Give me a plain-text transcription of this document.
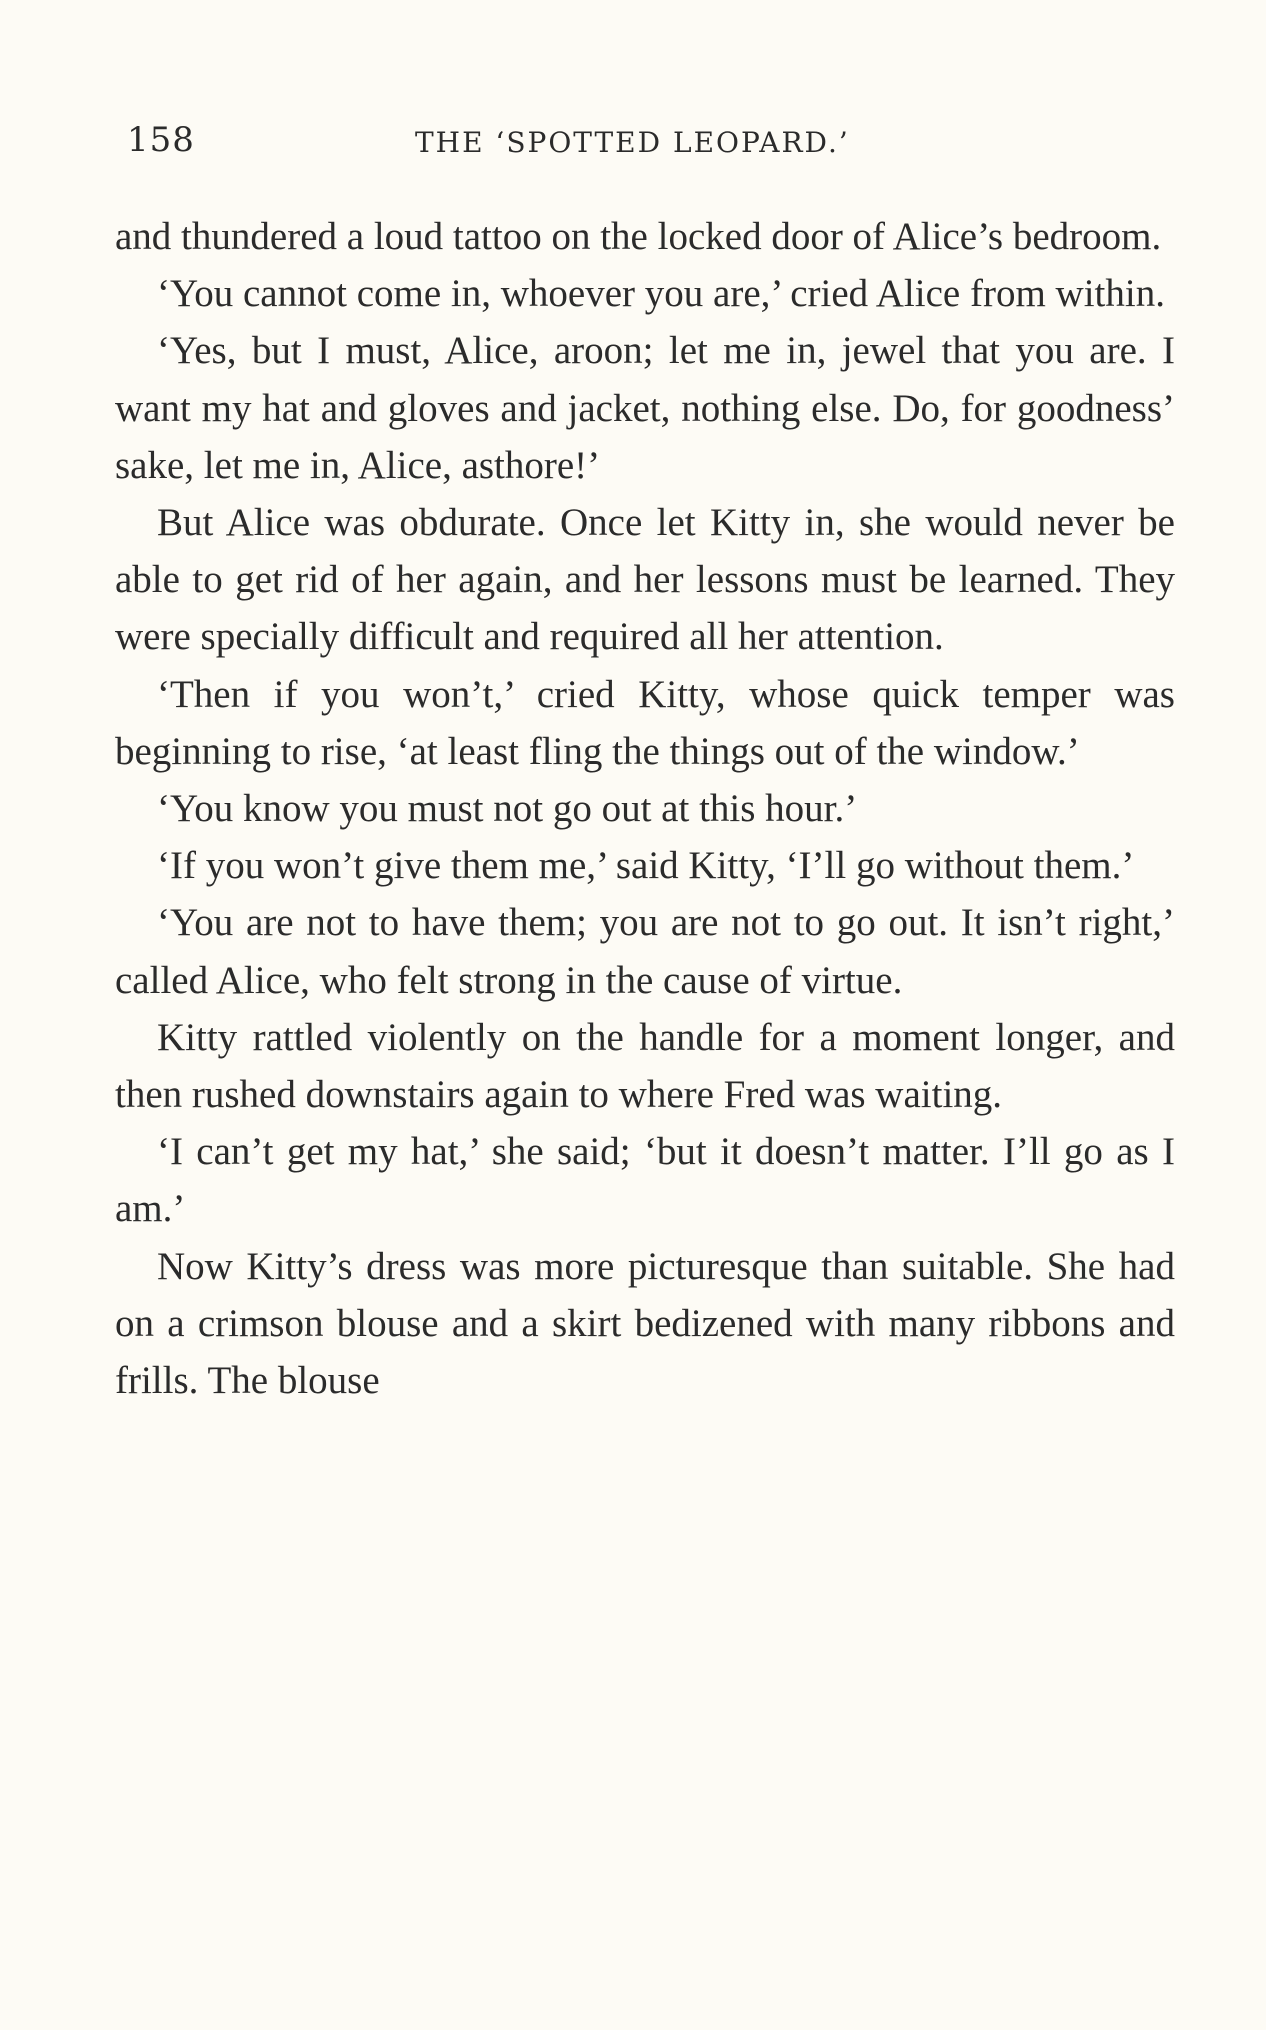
158	THE ‘SPOTTED LEOPARD.’

and thundered a loud tattoo on the locked door of Alice’s bedroom.

‘You cannot come in, whoever you are,’ cried Alice from within.

‘Yes, but I must, Alice, aroon; let me in, jewel that you are. I want my hat and gloves and jacket, nothing else. Do, for goodness’ sake, let me in, Alice, asthore!’

But Alice was obdurate. Once let Kitty in, she would never be able to get rid of her again, and her lessons must be learned. They were specially difficult and required all her attention.

‘Then if you won’t,’ cried Kitty, whose quick temper was beginning to rise, ‘at least fling the things out of the window.’

‘You know you must not go out at this hour.’

‘If you won’t give them me,’ said Kitty, ‘I’ll go without them.’

‘You are not to have them; you are not to go out. It isn’t right,’ called Alice, who felt strong in the cause of virtue.

Kitty rattled violently on the handle for a moment longer, and then rushed downstairs again to where Fred was waiting.

‘I can’t get my hat,’ she said; ‘but it doesn’t matter. I’ll go as I am.’

Now Kitty’s dress was more picturesque than suitable. She had on a crimson blouse and a skirt bedizened with many ribbons and frills. The blouse
